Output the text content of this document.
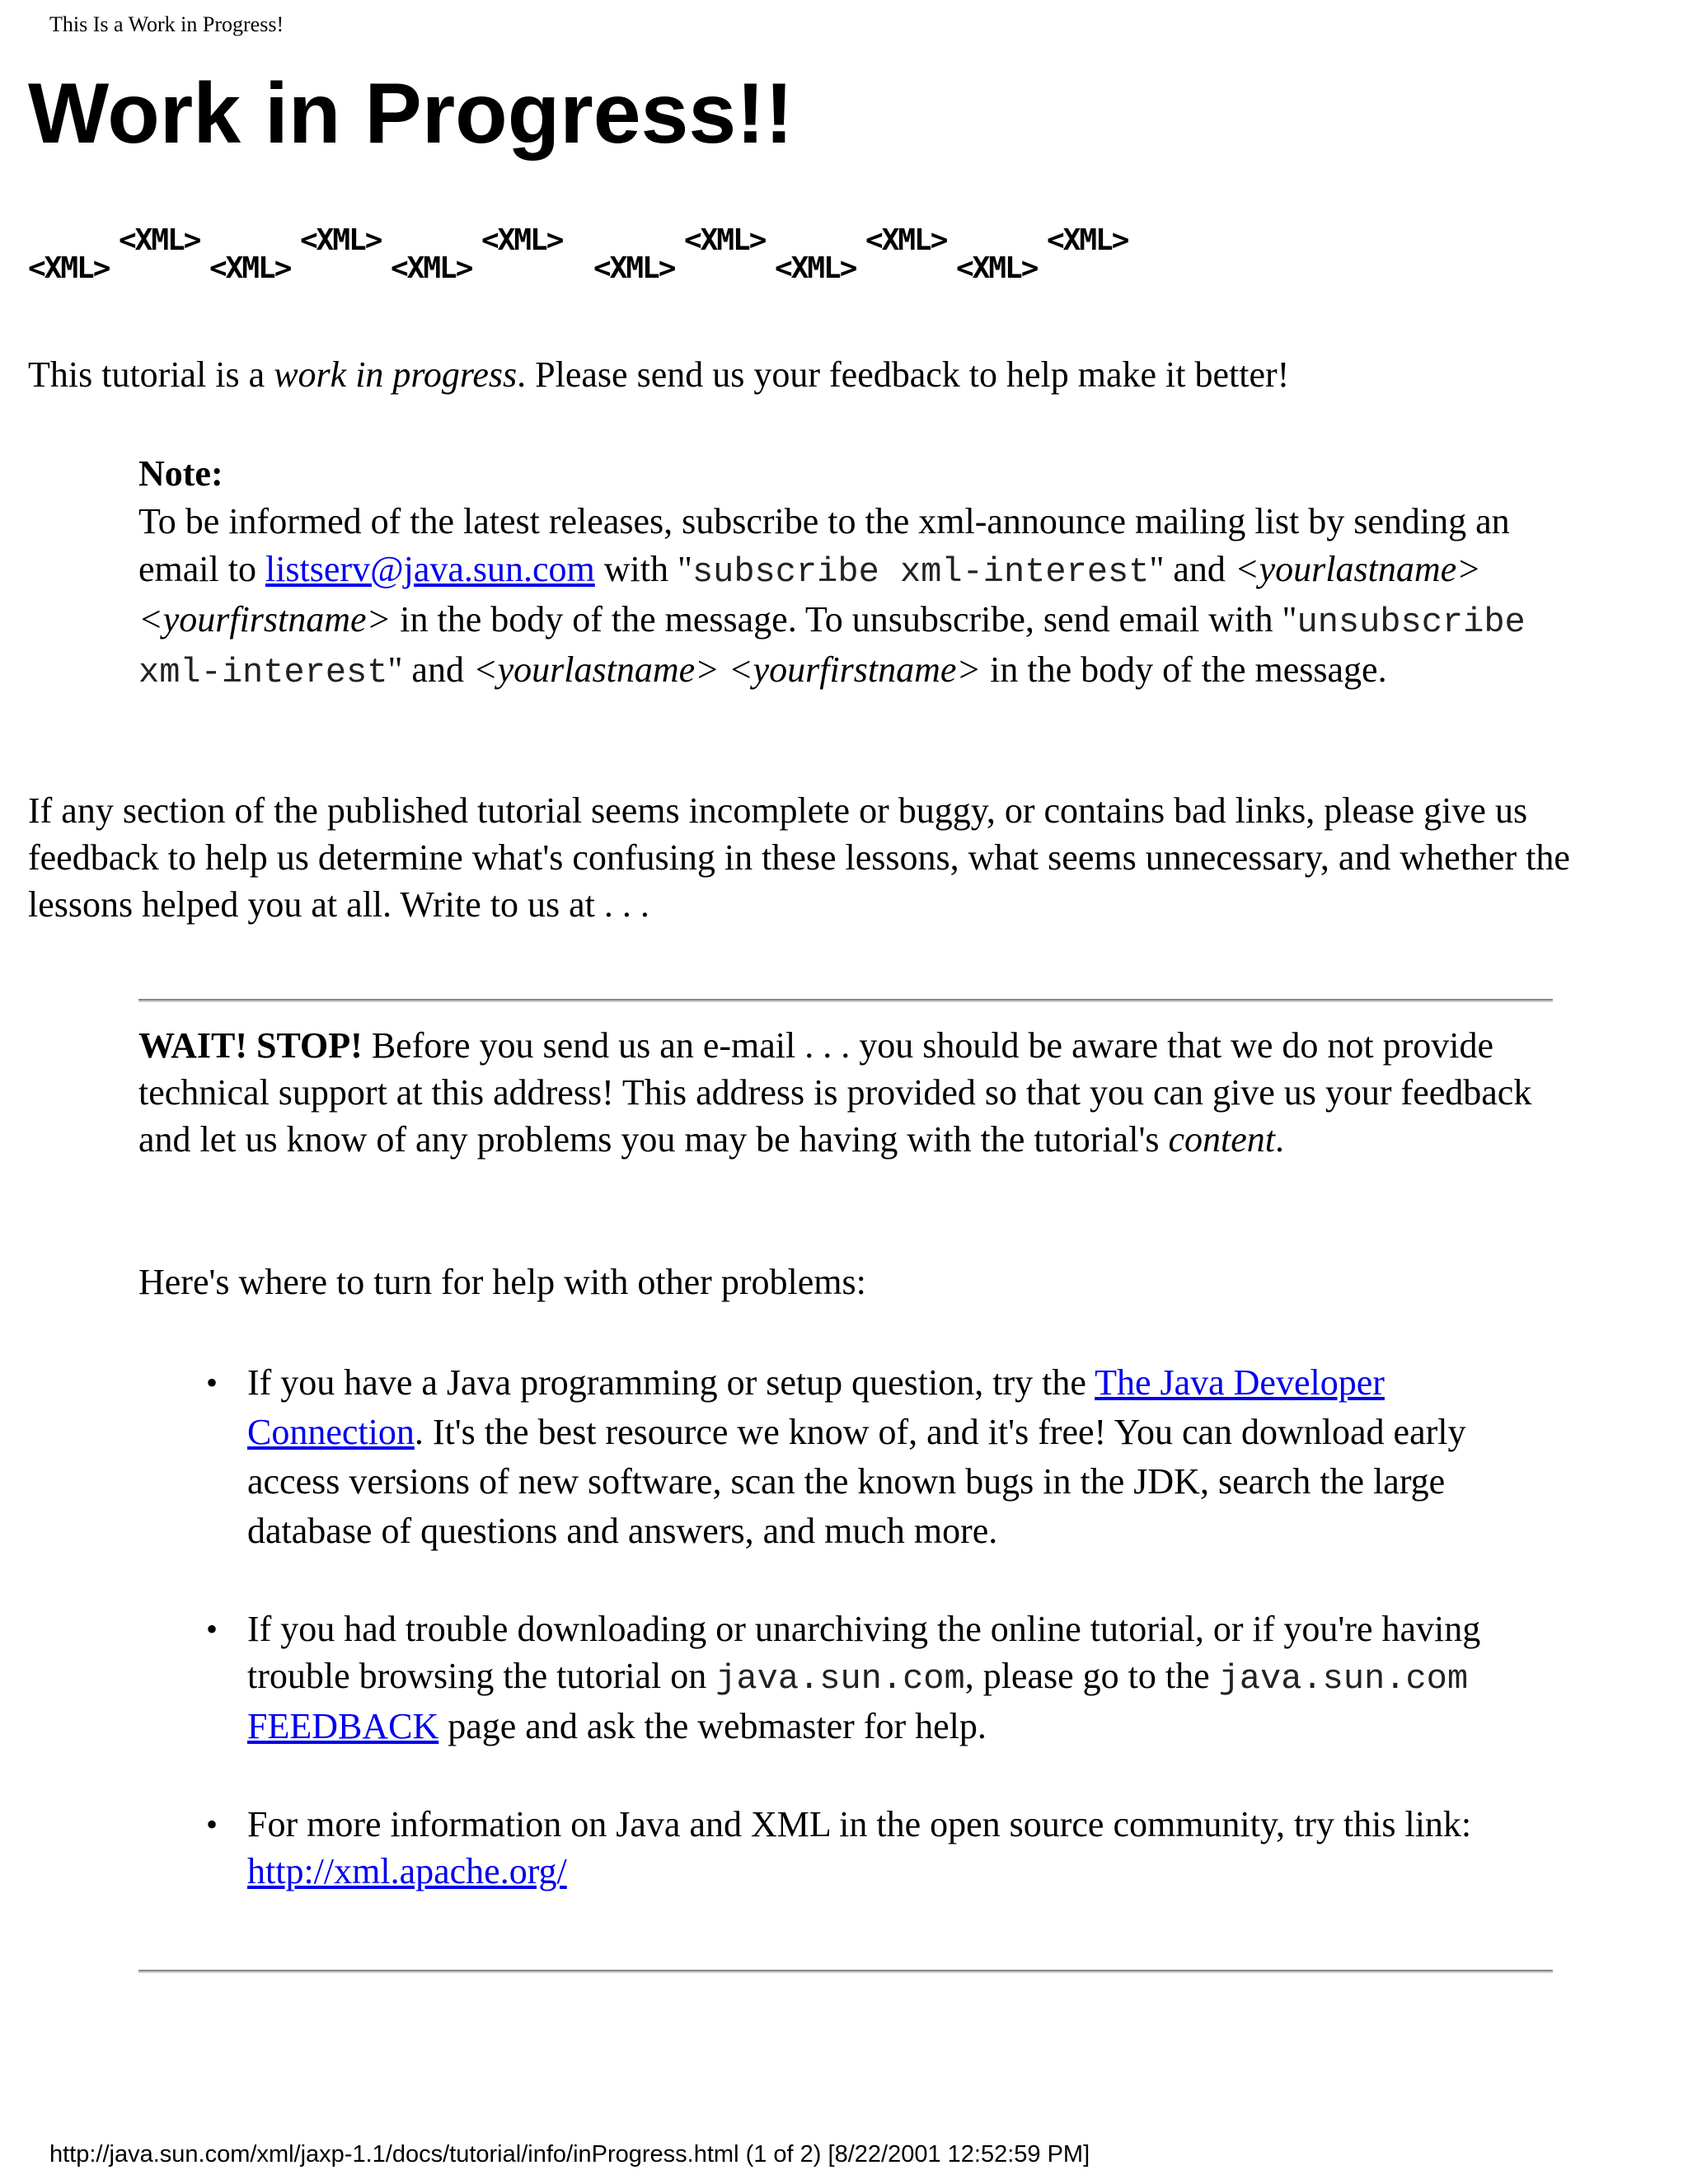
This Is a Work in Progress!
Work in Progress!!
<XML>
<XML>
<XML>
<XML>
<XML>
<XML>
<XML>
<XML>
<XML>
<XML>
<XML>
<XML>

This tutorial is a work in progress. Please send us your feedback to help make it better!

Note:
To be informed of the latest releases, subscribe to the xml-announce mailing list by sending an email to listserv@java.sun.com with "subscribe xml-interest" and <yourlastname> <yourfirstname> in the body of the message. To unsubscribe, send email with "unsubscribe xml-interest" and <yourlastname> <yourfirstname> in the body of the message.

If any section of the published tutorial seems incomplete or buggy, or contains bad links, please give us feedback to help us determine what's confusing in these lessons, what seems unnecessary, and whether the lessons helped you at all. Write to us at . . .

WAIT! STOP! Before you send us an e-mail . . . you should be aware that we do not provide technical support at this address! This address is provided so that you can give us your feedback and let us know of any problems you may be having with the tutorial's content.

Here's where to turn for help with other problems:

• If you have a Java programming or setup question, try the The Java Developer Connection. It's the best resource we know of, and it's free! You can download early access versions of new software, scan the known bugs in the JDK, search the large database of questions and answers, and much more.
• If you had trouble downloading or unarchiving the online tutorial, or if you're having trouble browsing the tutorial on java.sun.com, please go to the java.sun.com FEEDBACK page and ask the webmaster for help.
• For more information on Java and XML in the open source community, try this link: http://xml.apache.org/
http://java.sun.com/xml/jaxp-1.1/docs/tutorial/info/inProgress.html (1 of 2) [8/22/2001 12:52:59 PM]
